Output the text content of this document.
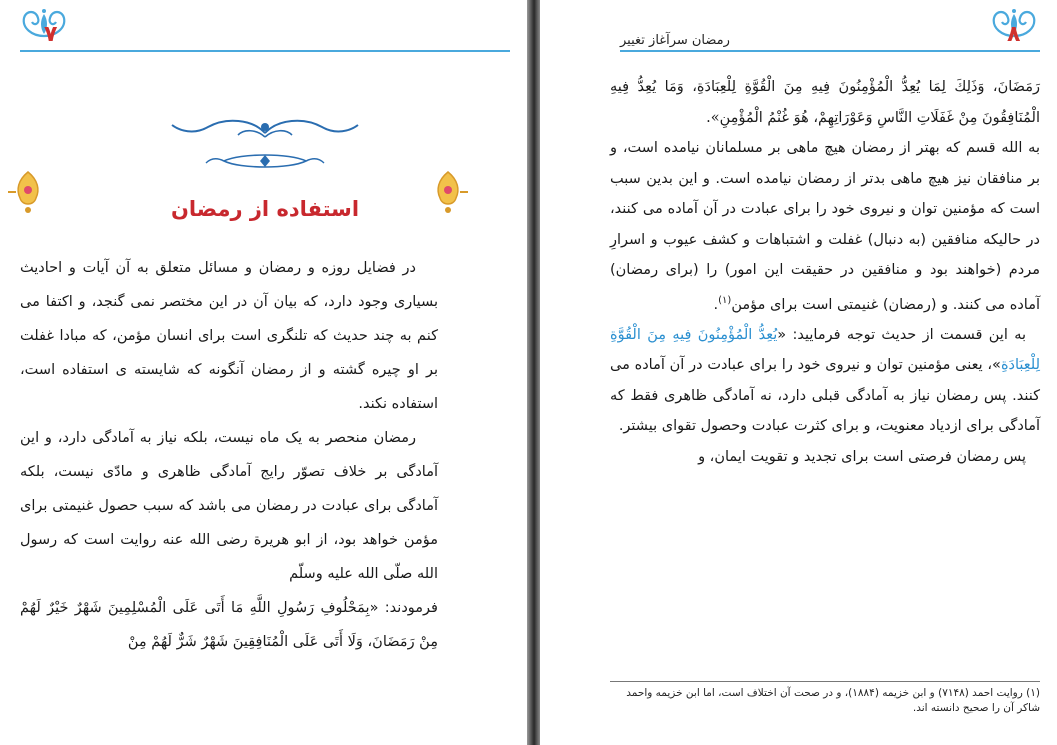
۷
استفاده از رمضان

در فضایل روزه و رمضان و مسائل متعلق به آن آیات و احادیث بسیاری وجود دارد، که بیان آن در این مختصر نمی گنجد، و اکتفا می کنم به چند حدیث که تلنگری است برای انسان مؤمن، که مبادا غفلت بر او چیره گشته و از رمضان آنگونه که شایسته ی استفاده است، استفاده نکند.

رمضان منحصر به یک ماه نیست، بلکه نیاز به آمادگی دارد، و این آمادگی بر خلاف تصوّر رایج آمادگی ظاهری و مادّی نیست، بلکه آمادگی برای عبادت در رمضان می باشد که سبب حصول غنیمتی برای مؤمن خواهد بود، از ابو هریرة رضی الله عنه روایت است که رسول الله صلّی الله علیه وسلّم

فرمودند: «بِمَحْلُوفِ رَسُولِ اللَّهِ مَا أَتَى عَلَى الْمُسْلِمِينَ شَهْرٌ خَيْرٌ لَهُمْ مِنْ رَمَضَانَ، وَلَا أَتَى عَلَى الْمُنَافِقِينَ شَهْرٌ شَرٌّ لَهُمْ مِنْ

۸
رمضان سرآغاز تغییر

رَمَضَانَ، وَذَلِكَ لِمَا يُعِدُّ الْمُؤْمِنُونَ فِيهِ مِنَ الْقُوَّةِ لِلْعِبَادَةِ، وَمَا يُعِدُّ فِيهِ الْمُنَافِقُونَ مِنْ غَفَلَاتِ النَّاسِ وَعَوْرَاتِهِمْ، هُوَ غُنْمُ الْمُؤْمِنِ».

به الله قسم که بهتر از رمضان هیچ ماهی بر مسلمانان نیامده است، و بر منافقان نیز هیچ ماهی بدتر از رمضان نیامده است. و این بدین سبب است که مؤمنین توان و نیروی خود را برای عبادت در آن آماده می کنند، در حالیکه منافقین (به دنبال) غفلت و اشتباهات و کشف عیوب و اسرارِ مردم (خواهند بود و منافقین در حقیقت این امور) را (برای رمضان) آماده می کنند. و (رمضان) غنیمتی است برای مؤمن$^{(۱)}$.

به این قسمت از حدیث توجه فرمایید: «يُعِدُّ الْمُؤْمِنُونَ فِيهِ مِنَ الْقُوَّةِ لِلْعِبَادَةِ»، یعنی مؤمنین توان و نیروی خود را برای عبادت در آن آماده می کنند. پس رمضان نیاز به آمادگی قبلی دارد، نه آمادگی ظاهری فقط که آمادگی برای ازدیاد معنویت، و برای کثرت عبادت وحصول تقوای بیشتر.

پس رمضان فرصتی است برای تجدید و تقویت ایمان، و

(۱) روایت احمد (۷۱۴۸) و ابن خزیمه (۱۸۸۴)، و در صحت آن اختلاف است، اما ابن خزیمه واحمد شاکر آن را صحیح دانسته اند.
